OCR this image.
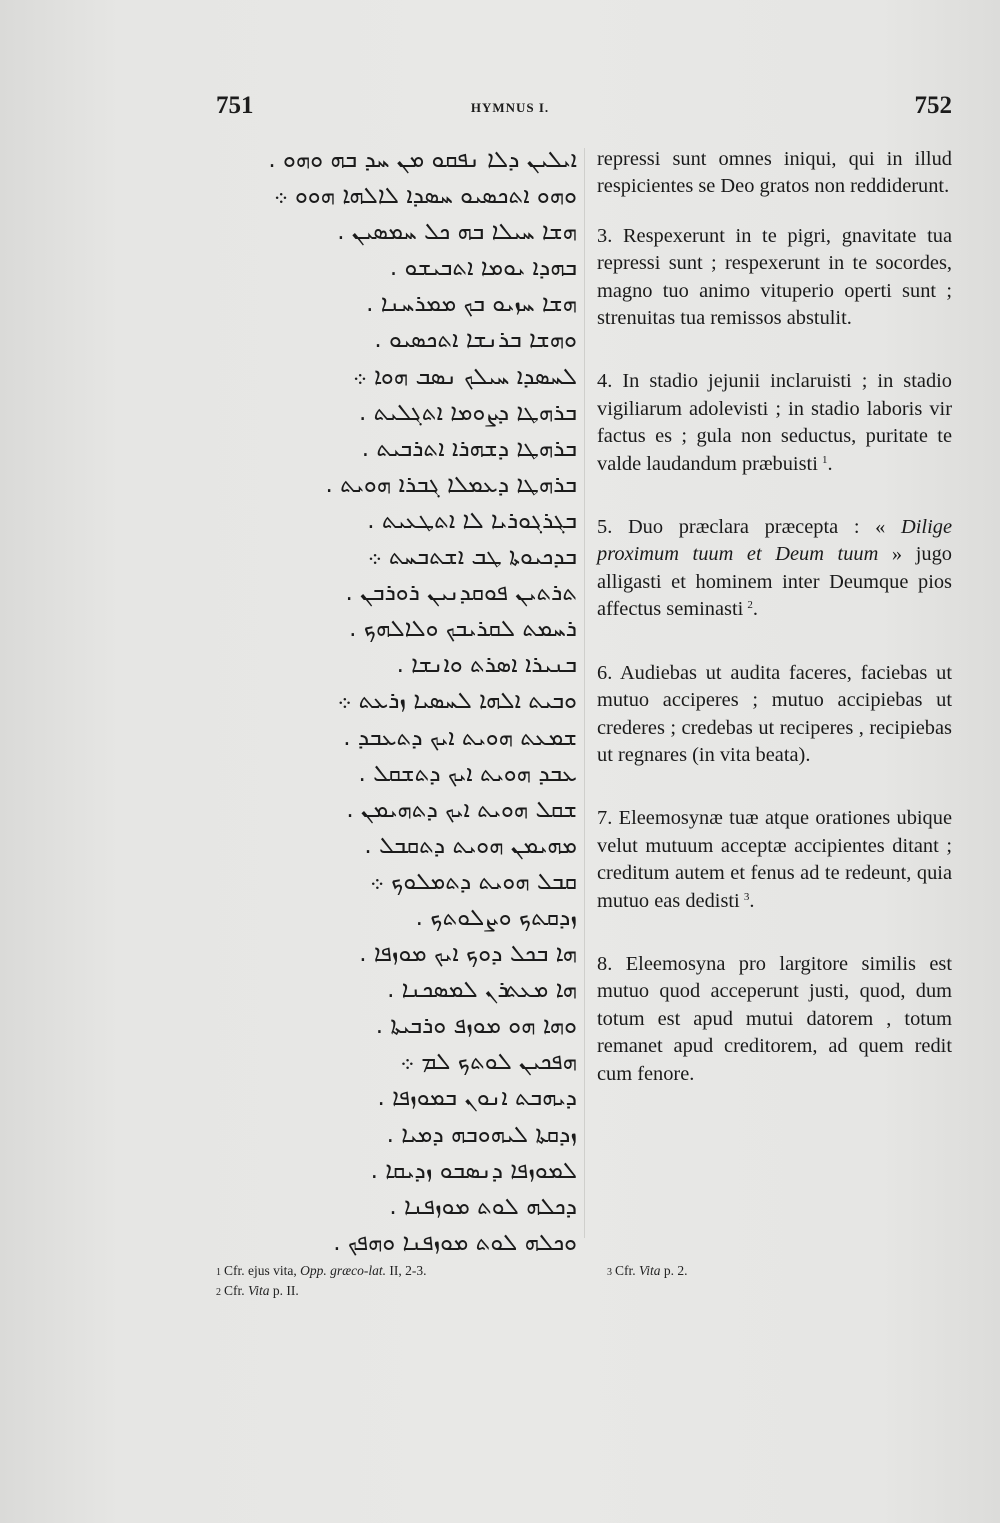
751	HYMNUS I.	752
ܐܝܠܝܢ ܕܠܐ ܢܦܩܘ ܡܢ ܚܕ ܒܗ ܘܗܘ .
ܘܗܘ ܐܬܟܣܝܘ ܚܣܕܐ ܠܐܠܗܐ ܗܘܘ ܀
ܗܫܐ ܚܝܠܐ ܒܗ ܟܠ ܚܡܣܝܢ .
ܒܗܕܐ ܝܘܡܐ ܐܬܒܝܫܘ .
ܗܫܐ ܚܙܝܘ ܒܟ ܡܡܪܚܢܐ .
ܘܗܫܐ ܒܪܢܫܐ ܐܬܟܣܝܘ .
ܠܚܣܕܐ ܚܝܠܟ ܢܣܒ ܗܘܐ ܀
ܒܪܗܛܐ ܕܨܘܡܐ ܐܬܓܠܝܬ .
ܒܪܗܛܐ ܕܫܗܪܐ ܐܬܪܒܝܬ .
ܒܪܗܛܐ ܕܥܡܠܐ ܓܒܪܐ ܗܘܝܬ .
ܒܓܪܓܘܪܝܐ ܠܐ ܐܬܛܥܝܬ .
ܒܕܟܝܘܬܐ ܛܒ ܐܫܬܒܚܬ ܀
ܬܪܬܝܢ ܦܘܩܕܢܝܢ ܪܘܪܒܢ .
ܪܚܡܬ ܠܩܪܝܒܟ ܘܠܐܠܗܟ .
ܒܢܝܪܐ ܐܣܪܬ ܘܐܢܫܐ .
ܘܒܝܬ ܐܠܗܐ ܠܚܣܝܐ ܙܪܥܬ ܀
ܫܡܥܬ ܗܘܝܬ ܐܝܟ ܕܬܥܒܕ .
ܥܒܕ ܗܘܝܬ ܐܝܟ ܕܬܫܩܠ .
ܫܩܠ ܗܘܝܬ ܐܝܟ ܕܬܗܝܡܢ .
ܡܗܝܡܢ ܗܘܝܬ ܕܬܩܒܠ .
ܩܒܠ ܗܘܝܬ ܕܬܡܠܘܟ ܀
ܙܕܩܬܟ ܘܨܠܘܬܟ .
ܗܐ ܒܟܠ ܕܘܟ ܐܝܟ ܡܘܙܦܐ .
ܗܐ ܡܥܬܪܢ ܠܡܣܟܢܐ .
ܘܗܐ ܗܘ ܡܘܙܦ ܘܪܒܝܬܐ .
ܗܦܟܝܢ ܠܘܬܟ ܠܡ ܀
ܕܝܗܒܬ ܐܢܘܢ ܒܡܘܙܦܐ .
ܙܕܩܬܐ ܠܝܗܘܒܗ ܕܡܝܐ .
ܠܡܘܙܦܐ ܕܢܣܒܘ ܙܕܝܩܐ .
ܕܟܠܗ ܠܘܬ ܡܘܙܦܢܐ .
ܘܟܠܗ ܠܘܬ ܡܘܙܦܢܐ ܘܗܦܟ .

repressi sunt omnes iniqui, qui in illud respicientes se Deo gratos non reddiderunt.

3. Respexerunt in te pigri, gnavitate tua repressi sunt ; respexerunt in te socordes, magno tuo animo vituperio operti sunt ; strenuitas tua remissos abstulit.

4. In stadio jejunii inclaruisti ; in stadio vigiliarum adolevisti ; in stadio laboris vir factus es ; gula non seductus, puritate te valde laudandum præbuisti  $^1$.

5. Duo præclara præcepta : « Dilige proximum tuum et Deum tuum » jugo alligasti et hominem inter Deumque pios affectus seminasti  $^2$.

6. Audiebas ut audita faceres, faciebas ut mutuo acciperes ; mutuo accipiebas ut crederes ; credebas ut reciperes , recipiebas ut regnares (in vita beata).

7. Eleemosynæ tuæ atque orationes ubique velut mutuum acceptæ accipientes ditant ; creditum autem et fenus ad te redeunt, quia mutuo eas dedisti  $^3$.

8. Eleemosyna pro largitore similis est mutuo quod acceperunt justi, quod, dum totum est apud mutui datorem , totum remanet apud creditorem, ad quem redit cum fenore.

1 Cfr. ejus vita, Opp. græco-lat. II, 2-3.
2 Cfr. Vita p. II.
3 Cfr. Vita p. 2.
